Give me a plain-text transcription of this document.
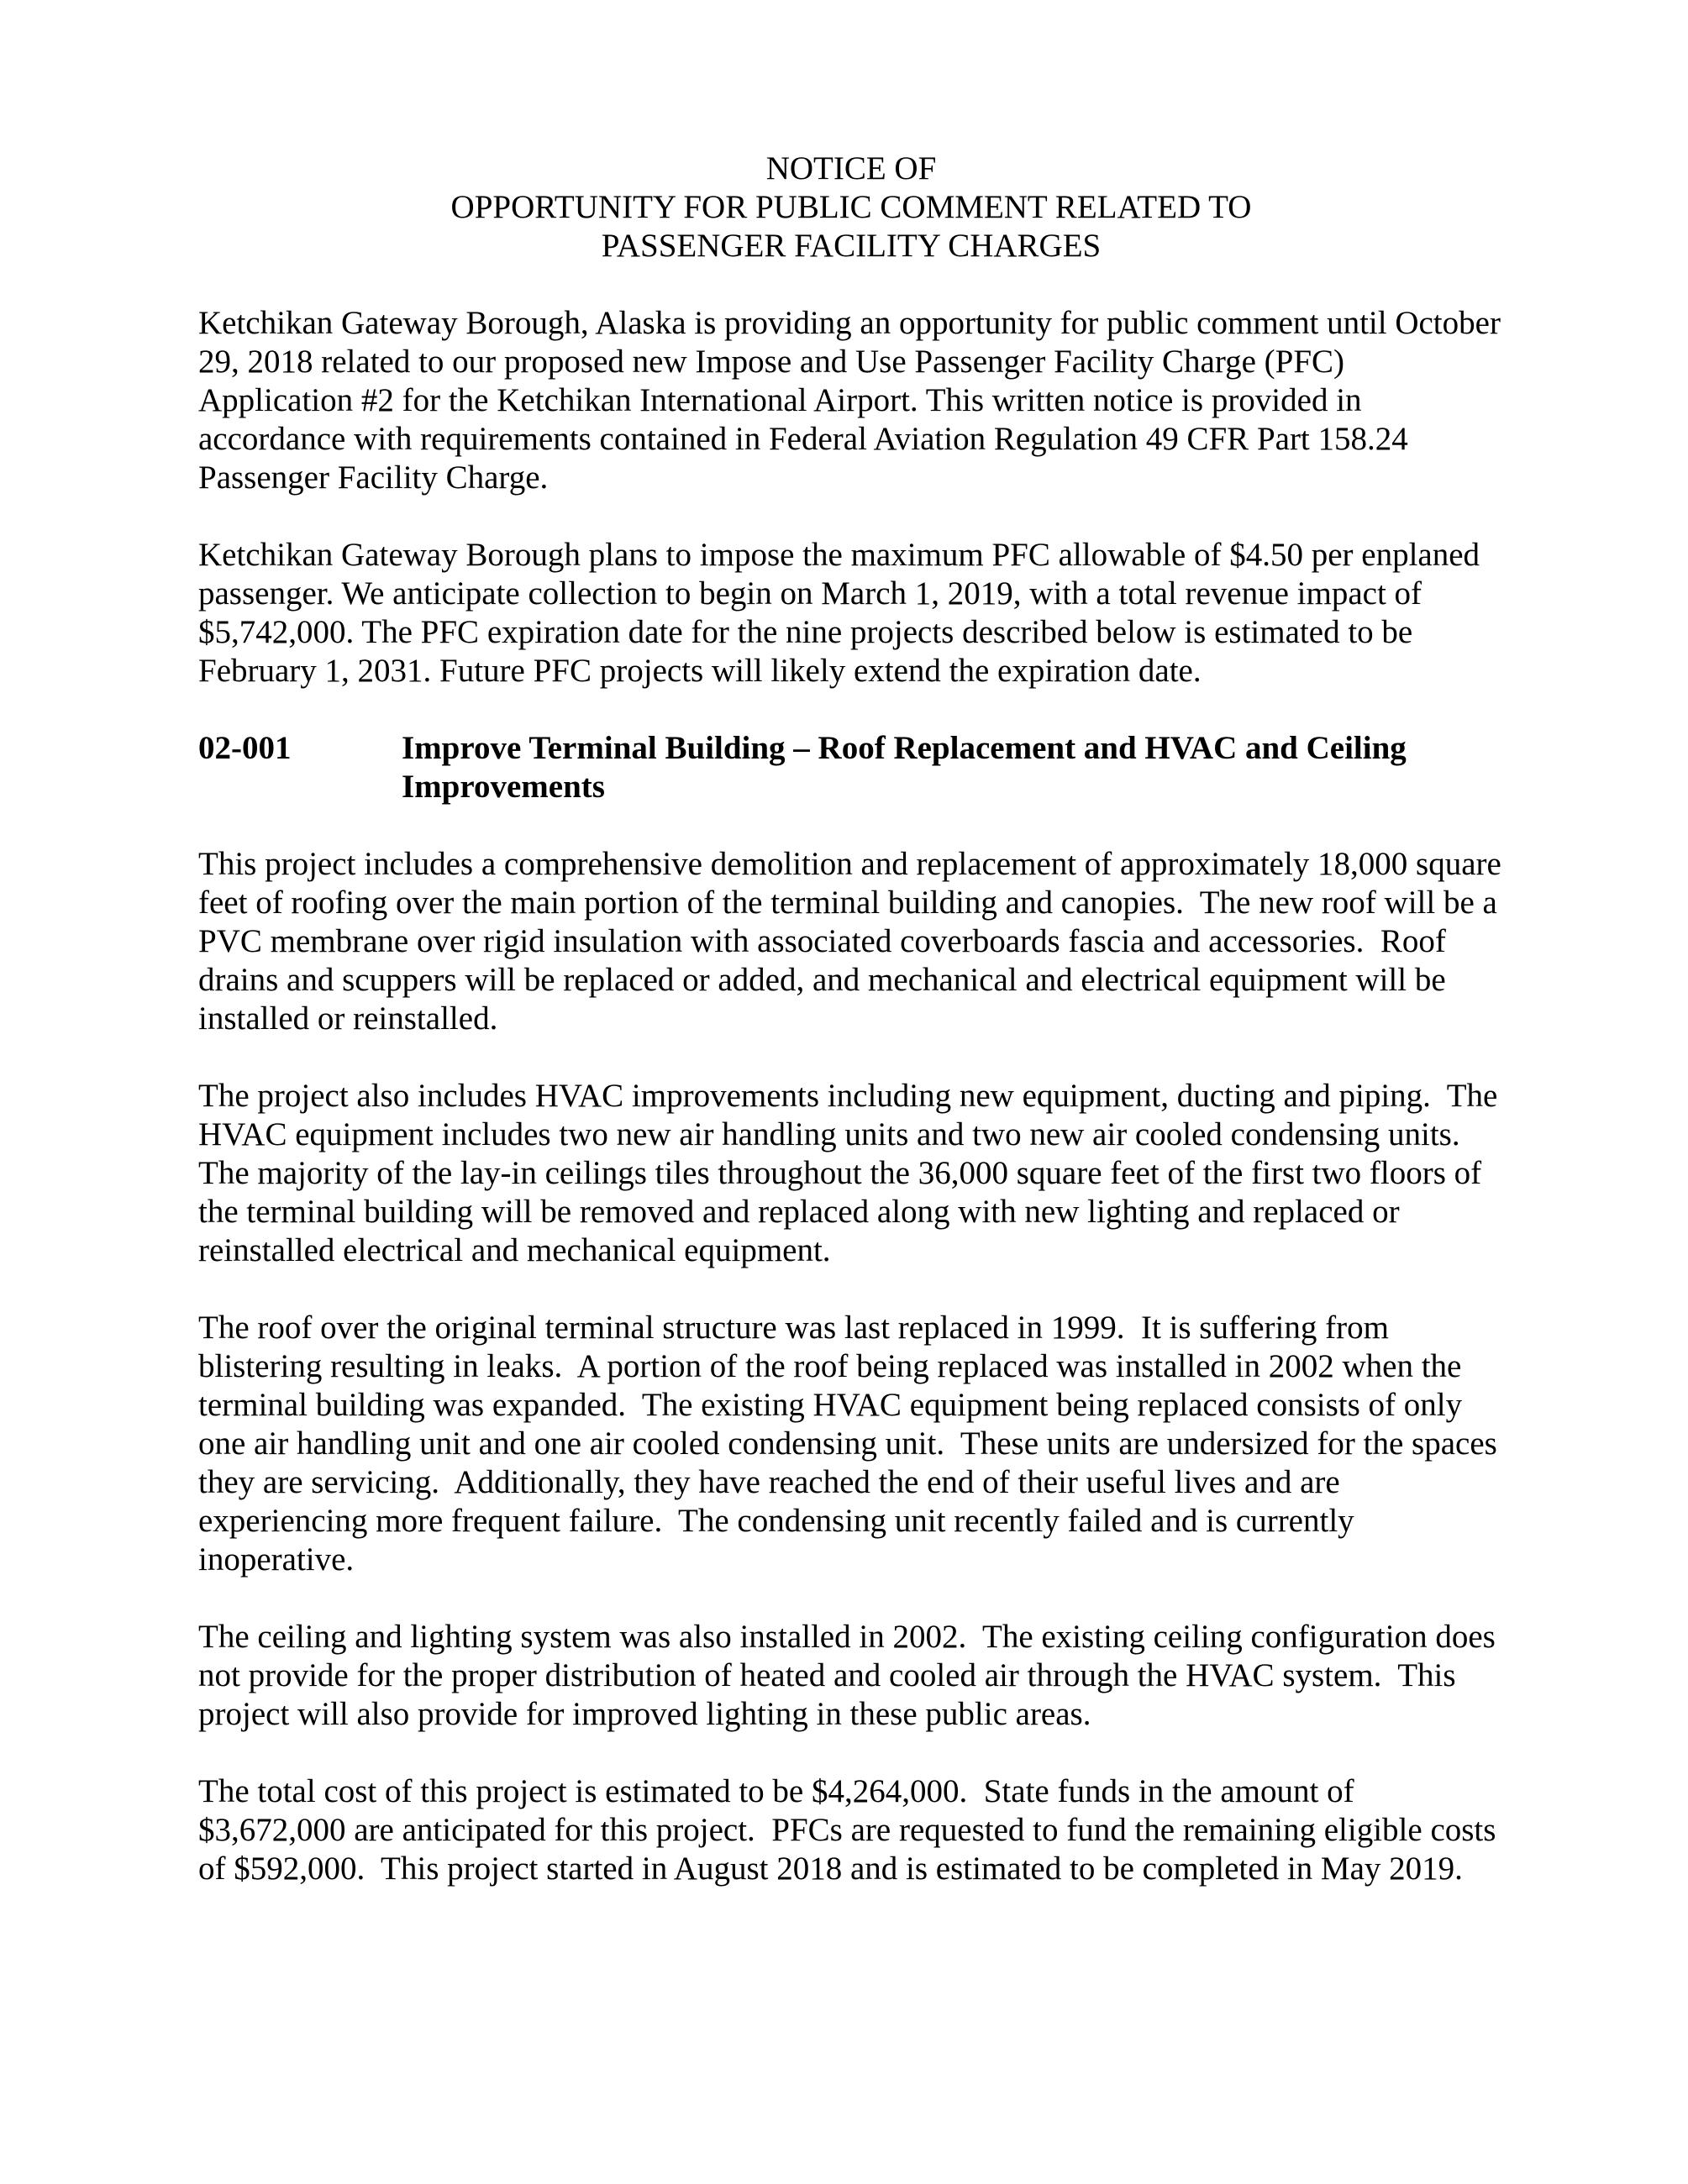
NOTICE OF
OPPORTUNITY FOR PUBLIC COMMENT RELATED TO
PASSENGER FACILITY CHARGES

Ketchikan Gateway Borough, Alaska is providing an opportunity for public comment until October 29, 2018 related to our proposed new Impose and Use Passenger Facility Charge (PFC) Application #2 for the Ketchikan International Airport. This written notice is provided in accordance with requirements contained in Federal Aviation Regulation 49 CFR Part 158.24 Passenger Facility Charge.

Ketchikan Gateway Borough plans to impose the maximum PFC allowable of $4.50 per enplaned passenger. We anticipate collection to begin on March 1, 2019, with a total revenue impact of $5,742,000. The PFC expiration date for the nine projects described below is estimated to be February 1, 2031. Future PFC projects will likely extend the expiration date.

02-001	Improve Terminal Building – Roof Replacement and HVAC and Ceiling Improvements

This project includes a comprehensive demolition and replacement of approximately 18,000 square feet of roofing over the main portion of the terminal building and canopies.  The new roof will be a PVC membrane over rigid insulation with associated coverboards fascia and accessories.  Roof drains and scuppers will be replaced or added, and mechanical and electrical equipment will be installed or reinstalled.

The project also includes HVAC improvements including new equipment, ducting and piping.  The HVAC equipment includes two new air handling units and two new air cooled condensing units.  The majority of the lay-in ceilings tiles throughout the 36,000 square feet of the first two floors of the terminal building will be removed and replaced along with new lighting and replaced or reinstalled electrical and mechanical equipment.

The roof over the original terminal structure was last replaced in 1999.  It is suffering from blistering resulting in leaks.  A portion of the roof being replaced was installed in 2002 when the terminal building was expanded.  The existing HVAC equipment being replaced consists of only one air handling unit and one air cooled condensing unit.  These units are undersized for the spaces they are servicing.  Additionally, they have reached the end of their useful lives and are experiencing more frequent failure.  The condensing unit recently failed and is currently inoperative.

The ceiling and lighting system was also installed in 2002.  The existing ceiling configuration does not provide for the proper distribution of heated and cooled air through the HVAC system.  This project will also provide for improved lighting in these public areas.

The total cost of this project is estimated to be $4,264,000.  State funds in the amount of $3,672,000 are anticipated for this project.  PFCs are requested to fund the remaining eligible costs of $592,000.  This project started in August 2018 and is estimated to be completed in May 2019.
